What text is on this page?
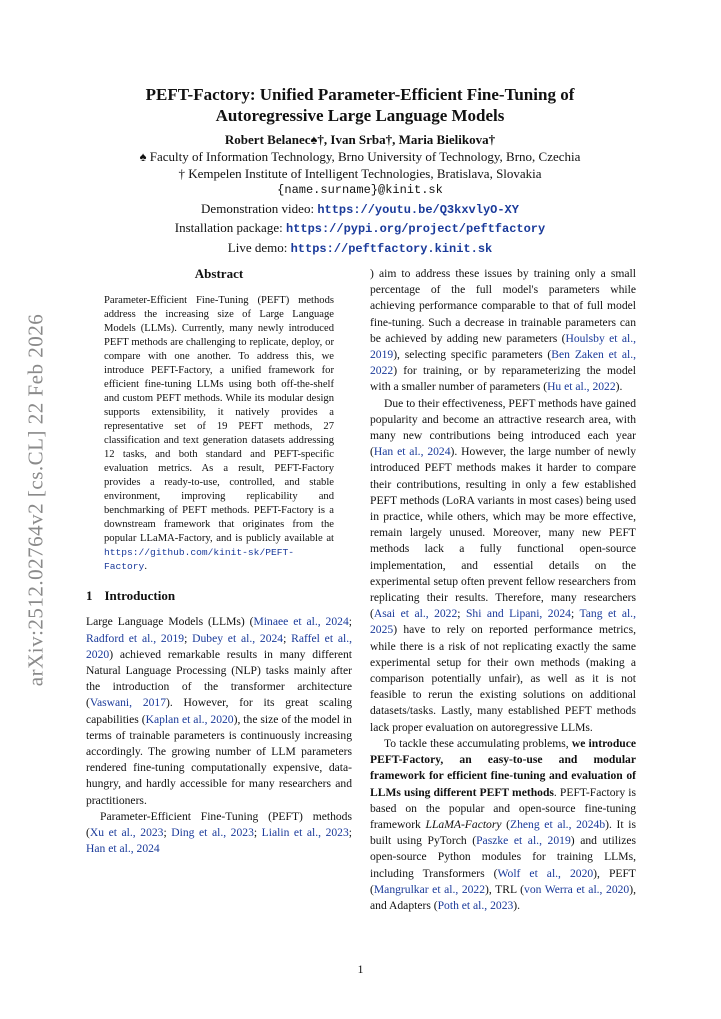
arXiv:2512.02764v2 [cs.CL] 22 Feb 2026
PEFT-Factory: Unified Parameter-Efficient Fine-Tuning of
Autoregressive Large Language Models
Robert Belanec♠†, Ivan Srba†, Maria Bielikova†
♠ Faculty of Information Technology, Brno University of Technology, Brno, Czechia
† Kempelen Institute of Intelligent Technologies, Bratislava, Slovakia
{name.surname}@kinit.sk
Demonstration video: https://youtu.be/Q3kxvlyO-XY
Installation package: https://pypi.org/project/peftfactory
Live demo: https://peftfactory.kinit.sk
Abstract

Parameter-Efficient Fine-Tuning (PEFT) methods address the increasing size of Large Language Models (LLMs). Currently, many newly introduced PEFT methods are challenging to replicate, deploy, or compare with one another. To address this, we introduce PEFT-Factory, a unified framework for efficient fine-tuning LLMs using both off-the-shelf and custom PEFT methods. While its modular design supports extensibility, it natively provides a representative set of 19 PEFT methods, 27 classification and text generation datasets addressing 12 tasks, and both standard and PEFT-specific evaluation metrics. As a result, PEFT-Factory provides a ready-to-use, controlled, and stable environment, improving replicability and benchmarking of PEFT methods. PEFT-Factory is a downstream framework that originates from the popular LLaMA-Factory, and is publicly available at https://github.com/kinit-sk/PEFT-Factory.

1 Introduction

Large Language Models (LLMs) (Minaee et al., 2024; Radford et al., 2019; Dubey et al., 2024; Raffel et al., 2020) achieved remarkable results in many different Natural Language Processing (NLP) tasks mainly after the introduction of the transformer architecture (Vaswani, 2017). However, for its great scaling capabilities (Kaplan et al., 2020), the size of the model in terms of trainable parameters is continuously increasing accordingly. The growing number of LLM parameters rendered fine-tuning computationally expensive, data-hungry, and hardly accessible for many researchers and practitioners.

Parameter-Efficient Fine-Tuning (PEFT) methods (Xu et al., 2023; Ding et al., 2023; Lialin et al., 2023; Han et al., 2024

) aim to address these issues by training only a small percentage of the full model's parameters while achieving performance comparable to that of full model fine-tuning. Such a decrease in trainable parameters can be achieved by adding new parameters (Houlsby et al., 2019), selecting specific parameters (Ben Zaken et al., 2022) for training, or by reparameterizing the model with a smaller number of parameters (Hu et al., 2022).

Due to their effectiveness, PEFT methods have gained popularity and become an attractive research area, with many new contributions being introduced each year (Han et al., 2024). However, the large number of newly introduced PEFT methods makes it harder to compare their contributions, resulting in only a few established PEFT methods (LoRA variants in most cases) being used in practice, while others, which may be more effective, remain largely unused. Moreover, many new PEFT methods lack a fully functional open-source implementation, and essential details on the experimental setup often prevent fellow researchers from replicating their results. Therefore, many researchers (Asai et al., 2022; Shi and Lipani, 2024; Tang et al., 2025) have to rely on reported performance metrics, while there is a risk of not replicating exactly the same experimental setup for their own methods (making a comparison potentially unfair), as well as it is not feasible to rerun the existing solutions on additional datasets/tasks. Lastly, many established PEFT methods lack proper evaluation on autoregressive LLMs.

To tackle these accumulating problems, we introduce PEFT-Factory, an easy-to-use and modular framework for efficient fine-tuning and evaluation of LLMs using different PEFT methods. PEFT-Factory is based on the popular and open-source fine-tuning framework LLaMA-Factory (Zheng et al., 2024b). It is built using PyTorch (Paszke et al., 2019) and utilizes open-source Python modules for training LLMs, including Transformers (Wolf et al., 2020), PEFT (Mangrulkar et al., 2022), TRL (von Werra et al., 2020), and Adapters (Poth et al., 2023).

1
